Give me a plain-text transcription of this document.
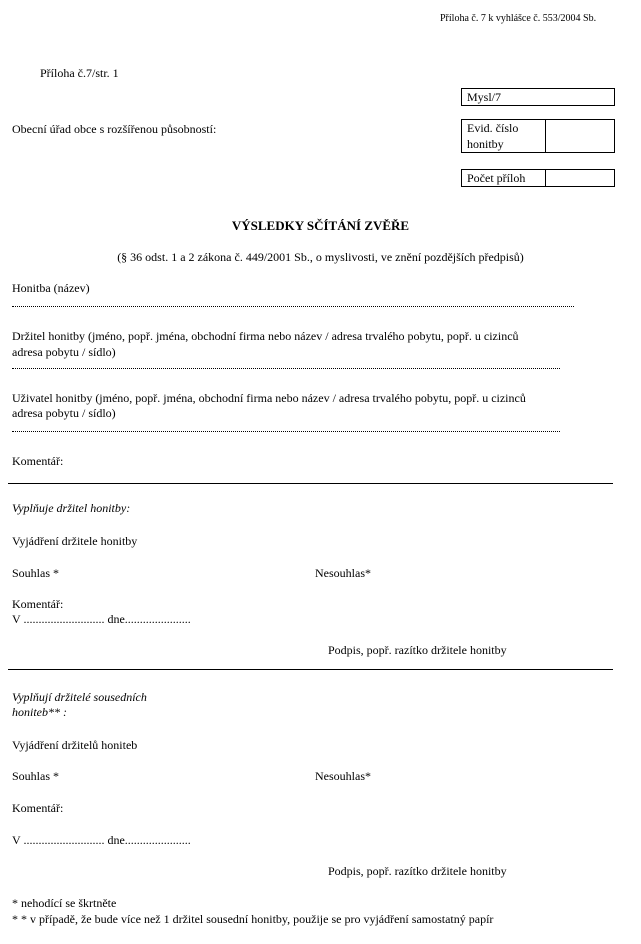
Příloha č. 7 k vyhlášce č. 553/2004 Sb.
Příloha č.7/str. 1
Obecní úřad obce s rozšířenou působností:
Mysl/7
Evid. číslo
honitby
Počet příloh
VÝSLEDKY SČÍTÁNÍ ZVĚŘE
(§ 36 odst. 1 a 2 zákona č. 449/2001 Sb., o myslivosti, ve znění pozdějších předpisů)
Honitba (název)
Držitel honitby (jméno, popř. jména, obchodní firma nebo název / adresa trvalého pobytu, popř. u cizinců
adresa pobytu / sídlo)
Uživatel honitby (jméno, popř. jména, obchodní firma nebo název / adresa trvalého pobytu, popř. u cizinců
adresa pobytu / sídlo)
Komentář:
Vyplňuje držitel honitby:
Vyjádření držitele honitby
Souhlas *	Nesouhlas*
Komentář:
V ........................... dne......................
Podpis, popř. razítko držitele honitby
Vyplňují držitelé sousedních
honiteb** :
Vyjádření držitelů honiteb
Souhlas *	Nesouhlas*
Komentář:
V ........................... dne......................
Podpis, popř. razítko držitele honitby
* nehodící se škrtněte
* * v případě, že bude více než 1 držitel sousední honitby, použije se pro vyjádření samostatný papír
